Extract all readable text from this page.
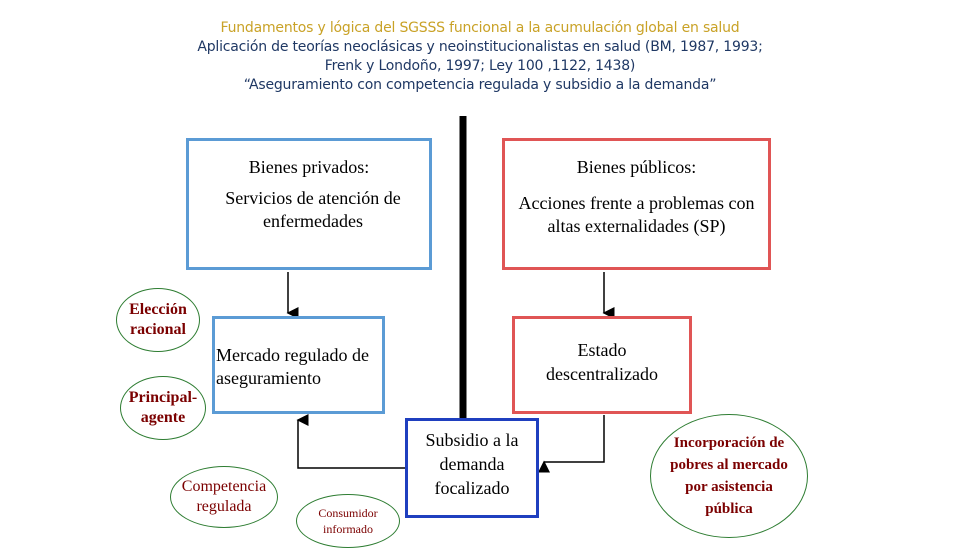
Fundamentos y lógica del SGSSS funcional a la acumulación global en salud
Aplicación de teorías neoclásicas y neoinstitucionalistas en salud (BM, 1987, 1993;
Frenk y Londoño, 1997; Ley 100 ,1122, 1438)
“Aseguramiento con competencia regulada y subsidio a la demanda”
Bienes privados:
Servicios de atención de enfermedades
Bienes públicos:
Acciones frente a problemas con altas externalidades (SP)
Mercado regulado de aseguramiento
Estado descentralizado
Subsidio a la demanda focalizado
Elección racional
Principal-agente
Competencia regulada	Consumidor informado
Incorporación de pobres al mercado por asistencia pública
